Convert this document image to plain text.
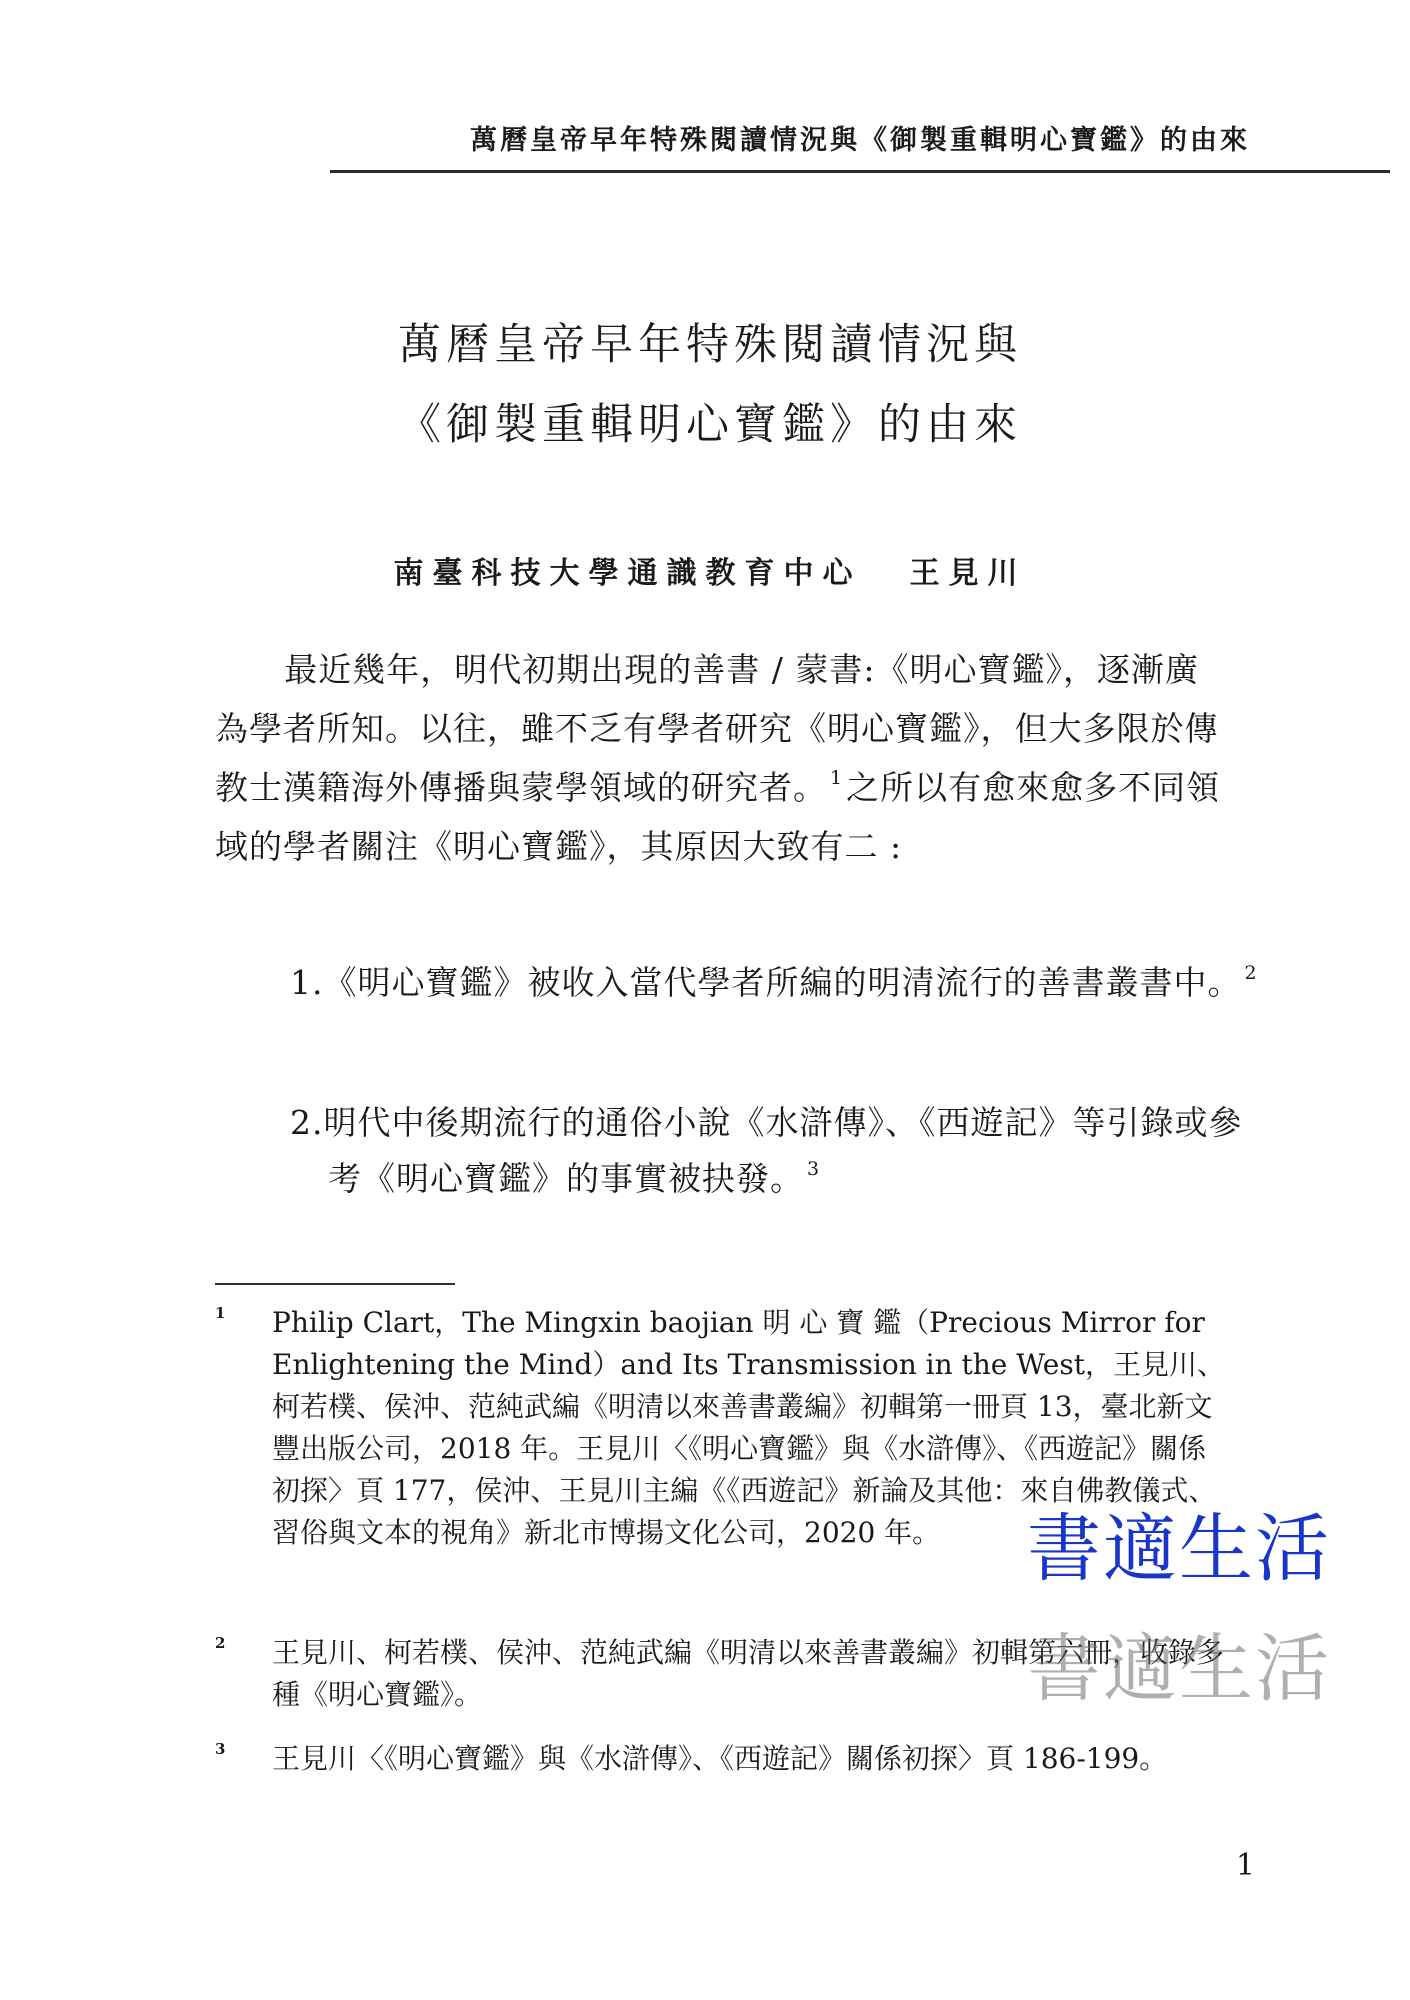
萬曆皇帝早年特殊閱讀情況與《御製重輯明心寶鑑》的由來
萬曆皇帝早年特殊閱讀情況與
《御製重輯明心寶鑑》的由來
南臺科技大學通識教育中心 王見川

最近幾年，明代初期出現的善書 / 蒙書:《明心寶鑑》，逐漸廣為學者所知。以往，雖不乏有學者研究《明心寶鑑》，但大多限於傳教士漢籍海外傳播與蒙學領域的研究者。 $^1$之所以有愈來愈多不同領域的學者關注《明心寶鑑》，其原因大致有二 :

1.《明心寶鑑》被收入當代學者所編的明清流行的善書叢書中。 $^2$
2.明代中後期流行的通俗小說《水滸傳》、《西遊記》等引錄或參考《明心寶鑑》的事實被抉發。 $^3$
1 Philip Clart，The Mingxin baojian 明 心 寶 鑑（Precious Mirror for Enlightening the Mind）and Its Transmission in the West，王見川、柯若樸、侯沖、范純武編《明清以來善書叢編》初輯第一冊頁 13，臺北新文豐出版公司，2018 年。王見川〈《明心寶鑑》與《水滸傳》、《西遊記》關係初探〉頁 177，侯沖、王見川主編《《西遊記》新論及其他：來自佛教儀式、習俗與文本的視角》新北市博揚文化公司，2020 年。
2 王見川、柯若樸、侯沖、范純武編《明清以來善書叢編》初輯第六冊，收錄多種《明心寶鑑》。
3 王見川〈《明心寶鑑》與《水滸傳》、《西遊記》關係初探〉頁 186-199。
1
書適生活
書適生活
